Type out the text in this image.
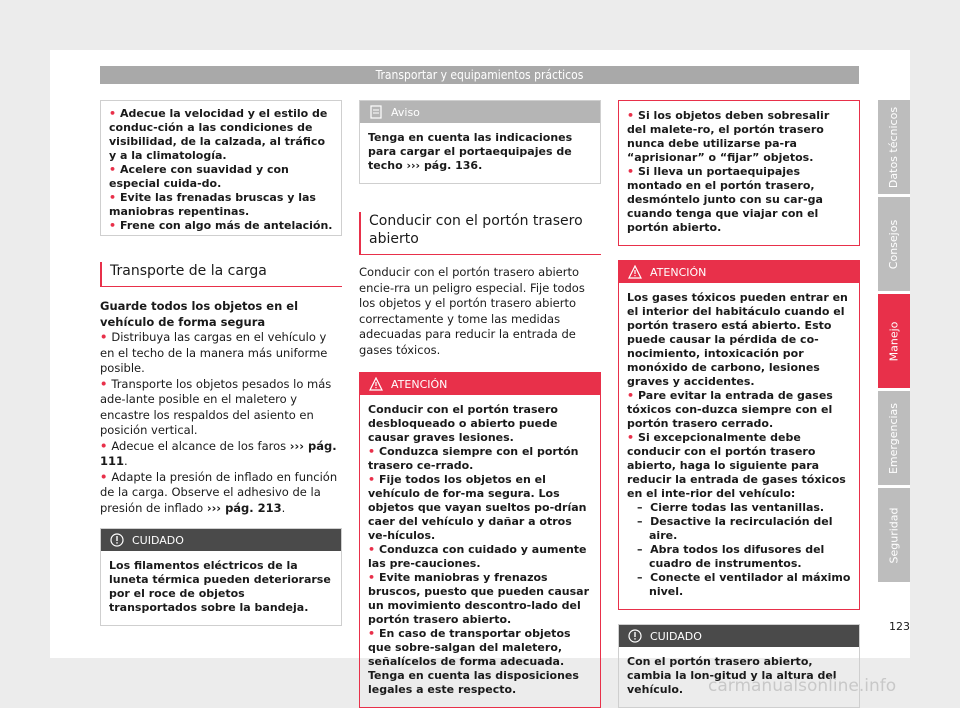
Transportar y equipamientos prácticos
• Adecue la velocidad y el estilo de conduc-ción a las condiciones de visibilidad, de la calzada, al tráfico y a la climatología.
• Acelere con suavidad y con especial cuida-do.
• Evite las frenadas bruscas y las maniobras repentinas.
• Frene con algo más de antelación.
Transporte de la carga

Guarde todos los objetos en el vehículo de forma segura

• Distribuya las cargas en el vehículo y en el techo de la manera más uniforme posible.

• Transporte los objetos pesados lo más ade-lante posible en el maletero y encastre los respaldos del asiento en posición vertical.

• Adecue el alcance de los faros ››› pág. 111.

• Adapte la presión de inflado en función de la carga. Observe el adhesivo de la presión de inflado ››› pág. 213.

CUIDADO
Los filamentos eléctricos de la luneta térmica pueden deteriorarse por el roce de objetos transportados sobre la bandeja.
Aviso
Tenga en cuenta las indicaciones para cargar el portaequipajes de techo ››› pág. 136.
Conducir con el portón trasero abierto

Conducir con el portón trasero abierto encie-rra un peligro especial. Fije todos los objetos y el portón trasero abierto correctamente y tome las medidas adecuadas para reducir la entrada de gases tóxicos.

ATENCIÓN
Conducir con el portón trasero desbloqueado o abierto puede causar graves lesiones.
• Conduzca siempre con el portón trasero ce-rrado.
• Fije todos los objetos en el vehículo de for-ma segura. Los objetos que vayan sueltos po-drían caer del vehículo y dañar a otros ve-hículos.
• Conduzca con cuidado y aumente las pre-cauciones.
• Evite maniobras y frenazos bruscos, puesto que pueden causar un movimiento descontro-lado del portón trasero abierto.
• En caso de transportar objetos que sobre-salgan del maletero, señalícelos de forma adecuada. Tenga en cuenta las disposiciones legales a este respecto.
• Si los objetos deben sobresalir del malete-ro, el portón trasero nunca debe utilizarse pa-ra “aprisionar” o “fijar” objetos.
• Si lleva un portaequipajes montado en el portón trasero, desmóntelo junto con su car-ga cuando tenga que viajar con el portón abierto.
ATENCIÓN
Los gases tóxicos pueden entrar en el interior del habitáculo cuando el portón trasero está abierto. Esto puede causar la pérdida de co-nocimiento, intoxicación por monóxido de carbono, lesiones graves y accidentes.
• Pare evitar la entrada de gases tóxicos con-duzca siempre con el portón trasero cerrado.
• Si excepcionalmente debe conducir con el portón trasero abierto, haga lo siguiente para reducir la entrada de gases tóxicos en el inte-rior del vehículo:
–  Cierre todas las ventanillas.
–  Desactive la recirculación del aire.
–  Abra todos los difusores del cuadro de instrumentos.
–  Conecte el ventilador al máximo nivel.
CUIDADO
Con el portón trasero abierto, cambia la lon-gitud y la altura del vehículo.
Datos técnicos
Consejos
Manejo
Emergencias
Seguridad
123
carmanualsonline.info
